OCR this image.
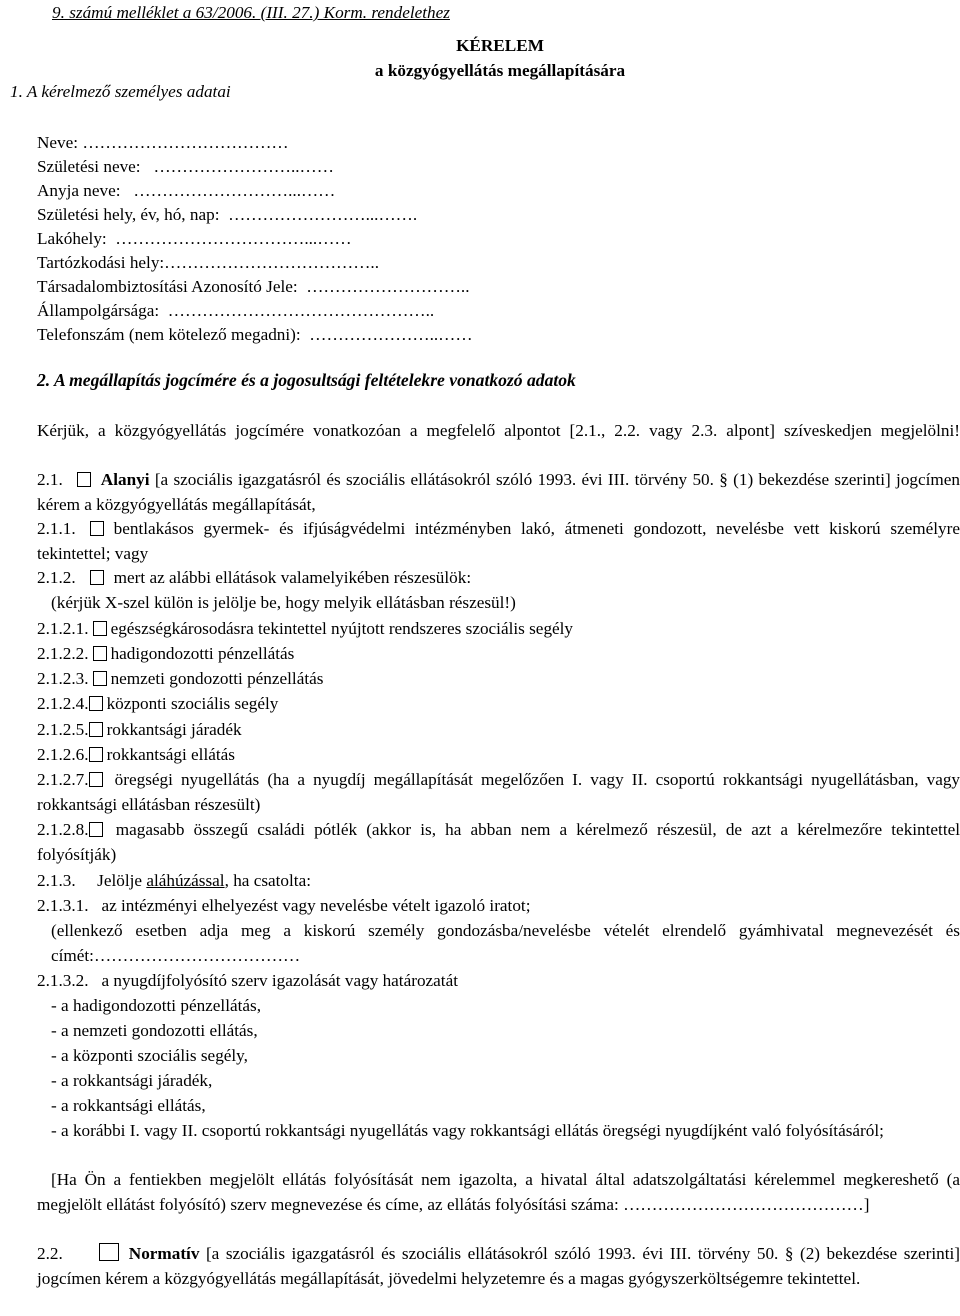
9. számú melléklet a 63/2006. (III. 27.) Korm. rendelethez
KÉRELEM
a közgyógyellátás megállapítására
1. A kérelmező személyes adatai
Neve: ………………………………
Születési neve:   ……………………..……
Anyja neve:   ………………………...……
Születési hely, év, hó, nap:  ……………………...…….
Lakóhely:  ……………………………...……
Tartózkodási hely:………………………………..
Társadalombiztosítási Azonosító Jele:  ………………………..
Állampolgársága:  ………………………………………..
Telefonszám (nem kötelező megadni):  …………………..……
2. A megállapítás jogcímére és a jogosultsági feltételekre vonatkozó adatok
Kérjük, a közgyógyellátás jogcímére vonatkozóan a megfelelő alpontot [2.1., 2.2. vagy 2.3. alpont] szíveskedjen megjelölni!
2.1. Alanyi [a szociális igazgatásról és szociális ellátásokról szóló 1993. évi III. törvény 50. § (1) bekezdése szerinti] jogcímen kérem a közgyógyellátás megállapítását,
2.1.1. bentlakásos gyermek- és ifjúságvédelmi intézményben lakó, átmeneti gondozott, nevelésbe vett kiskorú személyre tekintettel; vagy
2.1.2. mert az alábbi ellátások valamelyikében részesülök:
(kérjük X-szel külön is jelölje be, hogy melyik ellátásban részesül!)
2.1.2.1. egészségkárosodásra tekintettel nyújtott rendszeres szociális segély
2.1.2.2. hadigondozotti pénzellátás
2.1.2.3. nemzeti gondozotti pénzellátás
2.1.2.4. központi szociális segély
2.1.2.5. rokkantsági járadék
2.1.2.6. rokkantsági ellátás
2.1.2.7. öregségi nyugellátás (ha a nyugdíj megállapítását megelőzően I. vagy II. csoportú rokkantsági nyugellátásban, vagy rokkantsági ellátásban részesült)
2.1.2.8. magasabb összegű családi pótlék (akkor is, ha abban nem a kérelmező részesül, de azt a kérelmezőre tekintettel folyósítják)
2.1.3. Jelölje aláhúzással, ha csatolta:
2.1.3.1.   az intézményi elhelyezést vagy nevelésbe vételt igazoló iratot;
(ellenkező esetben adja meg a kiskorú személy gondozásba/nevelésbe vételét elrendelő gyámhivatal megnevezését és címét:………………………………
2.1.3.2.   a nyugdíjfolyósító szerv igazolását vagy határozatát
- a hadigondozotti pénzellátás,
- a nemzeti gondozotti ellátás,
- a központi szociális segély,
- a rokkantsági járadék,
- a rokkantsági ellátás,
- a korábbi I. vagy II. csoportú rokkantsági nyugellátás vagy rokkantsági ellátás öregségi nyugdíjként való folyósításáról;
[Ha Ön a fentiekben megjelölt ellátás folyósítását nem igazolta, a hivatal által adatszolgáltatási kérelemmel megkereshető (a megjelölt ellátást folyósító) szerv megnevezése és címe, az ellátás folyósítási száma: ……………………………………]
2.2.	Normatív [a szociális igazgatásról és szociális ellátásokról szóló 1993. évi III. törvény 50. § (2) bekezdése szerinti] jogcímen kérem a közgyógyellátás megállapítását, jövedelmi helyzetemre és a magas gyógyszerköltségemre tekintettel.
